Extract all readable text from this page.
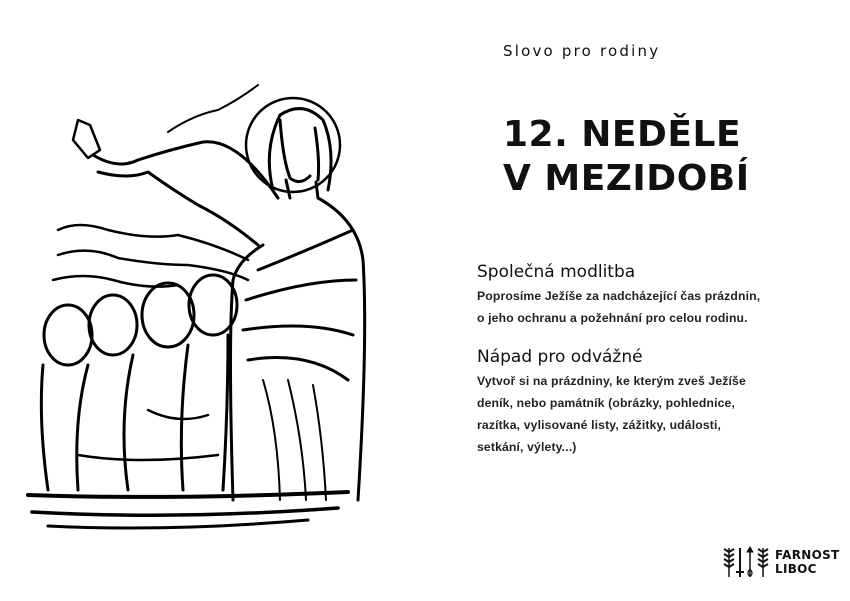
Slovo pro rodiny
12. NEDĚLE
V MEZIDOBÍ
Společná modlitba

Poprosíme Ježíše za nadcházející čas prázdnin,
o jeho ochranu a požehnání pro celou rodinu.

Nápad pro odvážné

Vytvoř si na prázdniny, ke kterým zveš Ježíše
deník, nebo památník (obrázky, pohlednice,
razítka, vylisované listy, zážitky, události,
setkání, výlety...)

FARNOST
LIBOC
